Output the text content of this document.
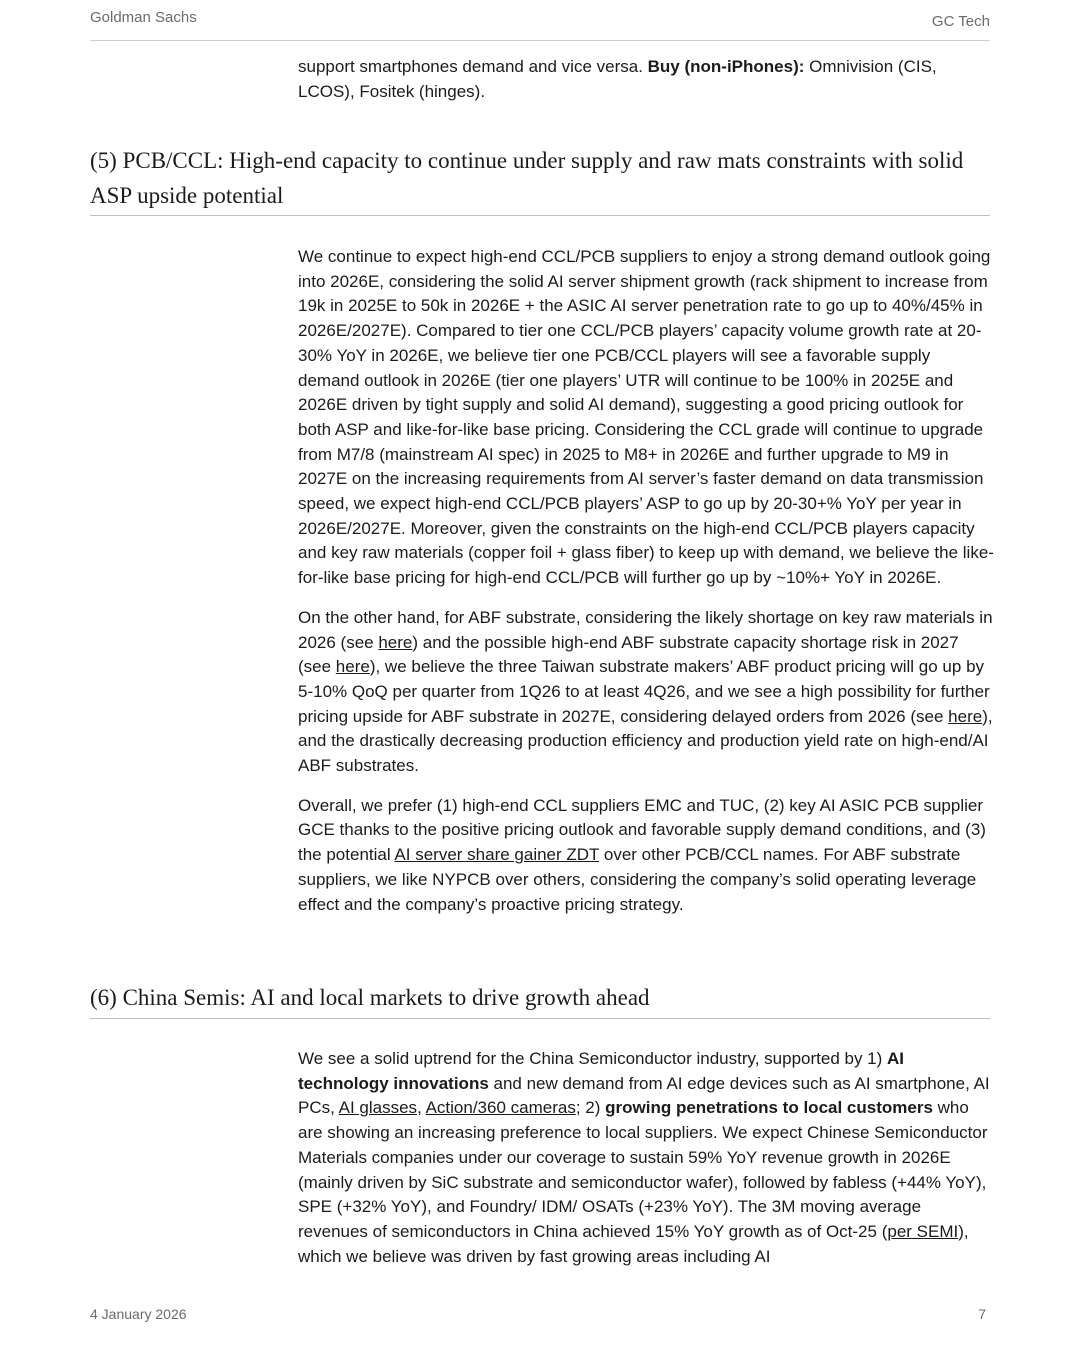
Goldman Sachs	GC Tech

support smartphones demand and vice versa. Buy (non-iPhones): Omnivision (CIS, LCOS), Fositek (hinges).

(5) PCB/CCL: High-end capacity to continue under supply and raw mats constraints with solid ASP upside potential

We continue to expect high-end CCL/PCB suppliers to enjoy a strong demand outlook going into 2026E, considering the solid AI server shipment growth (rack shipment to increase from 19k in 2025E to 50k in 2026E + the ASIC AI server penetration rate to go up to 40%/45% in 2026E/2027E). Compared to tier one CCL/PCB players’ capacity volume growth rate at 20-30% YoY in 2026E, we believe tier one PCB/CCL players will see a favorable supply demand outlook in 2026E (tier one players’ UTR will continue to be 100% in 2025E and 2026E driven by tight supply and solid AI demand), suggesting a good pricing outlook for both ASP and like-for-like base pricing. Considering the CCL grade will continue to upgrade from M7/8 (mainstream AI spec) in 2025 to M8+ in 2026E and further upgrade to M9 in 2027E on the increasing requirements from AI server’s faster demand on data transmission speed, we expect high-end CCL/PCB players’ ASP to go up by 20-30+% YoY per year in 2026E/2027E. Moreover, given the constraints on the high-end CCL/PCB players capacity and key raw materials (copper foil + glass fiber) to keep up with demand, we believe the like-for-like base pricing for high-end CCL/PCB will further go up by ~10%+ YoY in 2026E.

On the other hand, for ABF substrate, considering the likely shortage on key raw materials in 2026 (see here) and the possible high-end ABF substrate capacity shortage risk in 2027 (see here), we believe the three Taiwan substrate makers’ ABF product pricing will go up by 5-10% QoQ per quarter from 1Q26 to at least 4Q26, and we see a high possibility for further pricing upside for ABF substrate in 2027E, considering delayed orders from 2026 (see here), and the drastically decreasing production efficiency and production yield rate on high-end/AI ABF substrates.

Overall, we prefer (1) high-end CCL suppliers EMC and TUC, (2) key AI ASIC PCB supplier GCE thanks to the positive pricing outlook and favorable supply demand conditions, and (3) the potential AI server share gainer ZDT over other PCB/CCL names. For ABF substrate suppliers, we like NYPCB over others, considering the company’s solid operating leverage effect and the company’s proactive pricing strategy.

(6) China Semis: AI and local markets to drive growth ahead

We see a solid uptrend for the China Semiconductor industry, supported by 1) AI technology innovations and new demand from AI edge devices such as AI smartphone, AI PCs, AI glasses, Action/360 cameras; 2) growing penetrations to local customers who are showing an increasing preference to local suppliers. We expect Chinese Semiconductor Materials companies under our coverage to sustain 59% YoY revenue growth in 2026E (mainly driven by SiC substrate and semiconductor wafer), followed by fabless (+44% YoY), SPE (+32% YoY), and Foundry/ IDM/ OSATs (+23% YoY). The 3M moving average revenues of semiconductors in China achieved 15% YoY growth as of Oct-25 (per SEMI), which we believe was driven by fast growing areas including AI

4 January 2026	7
